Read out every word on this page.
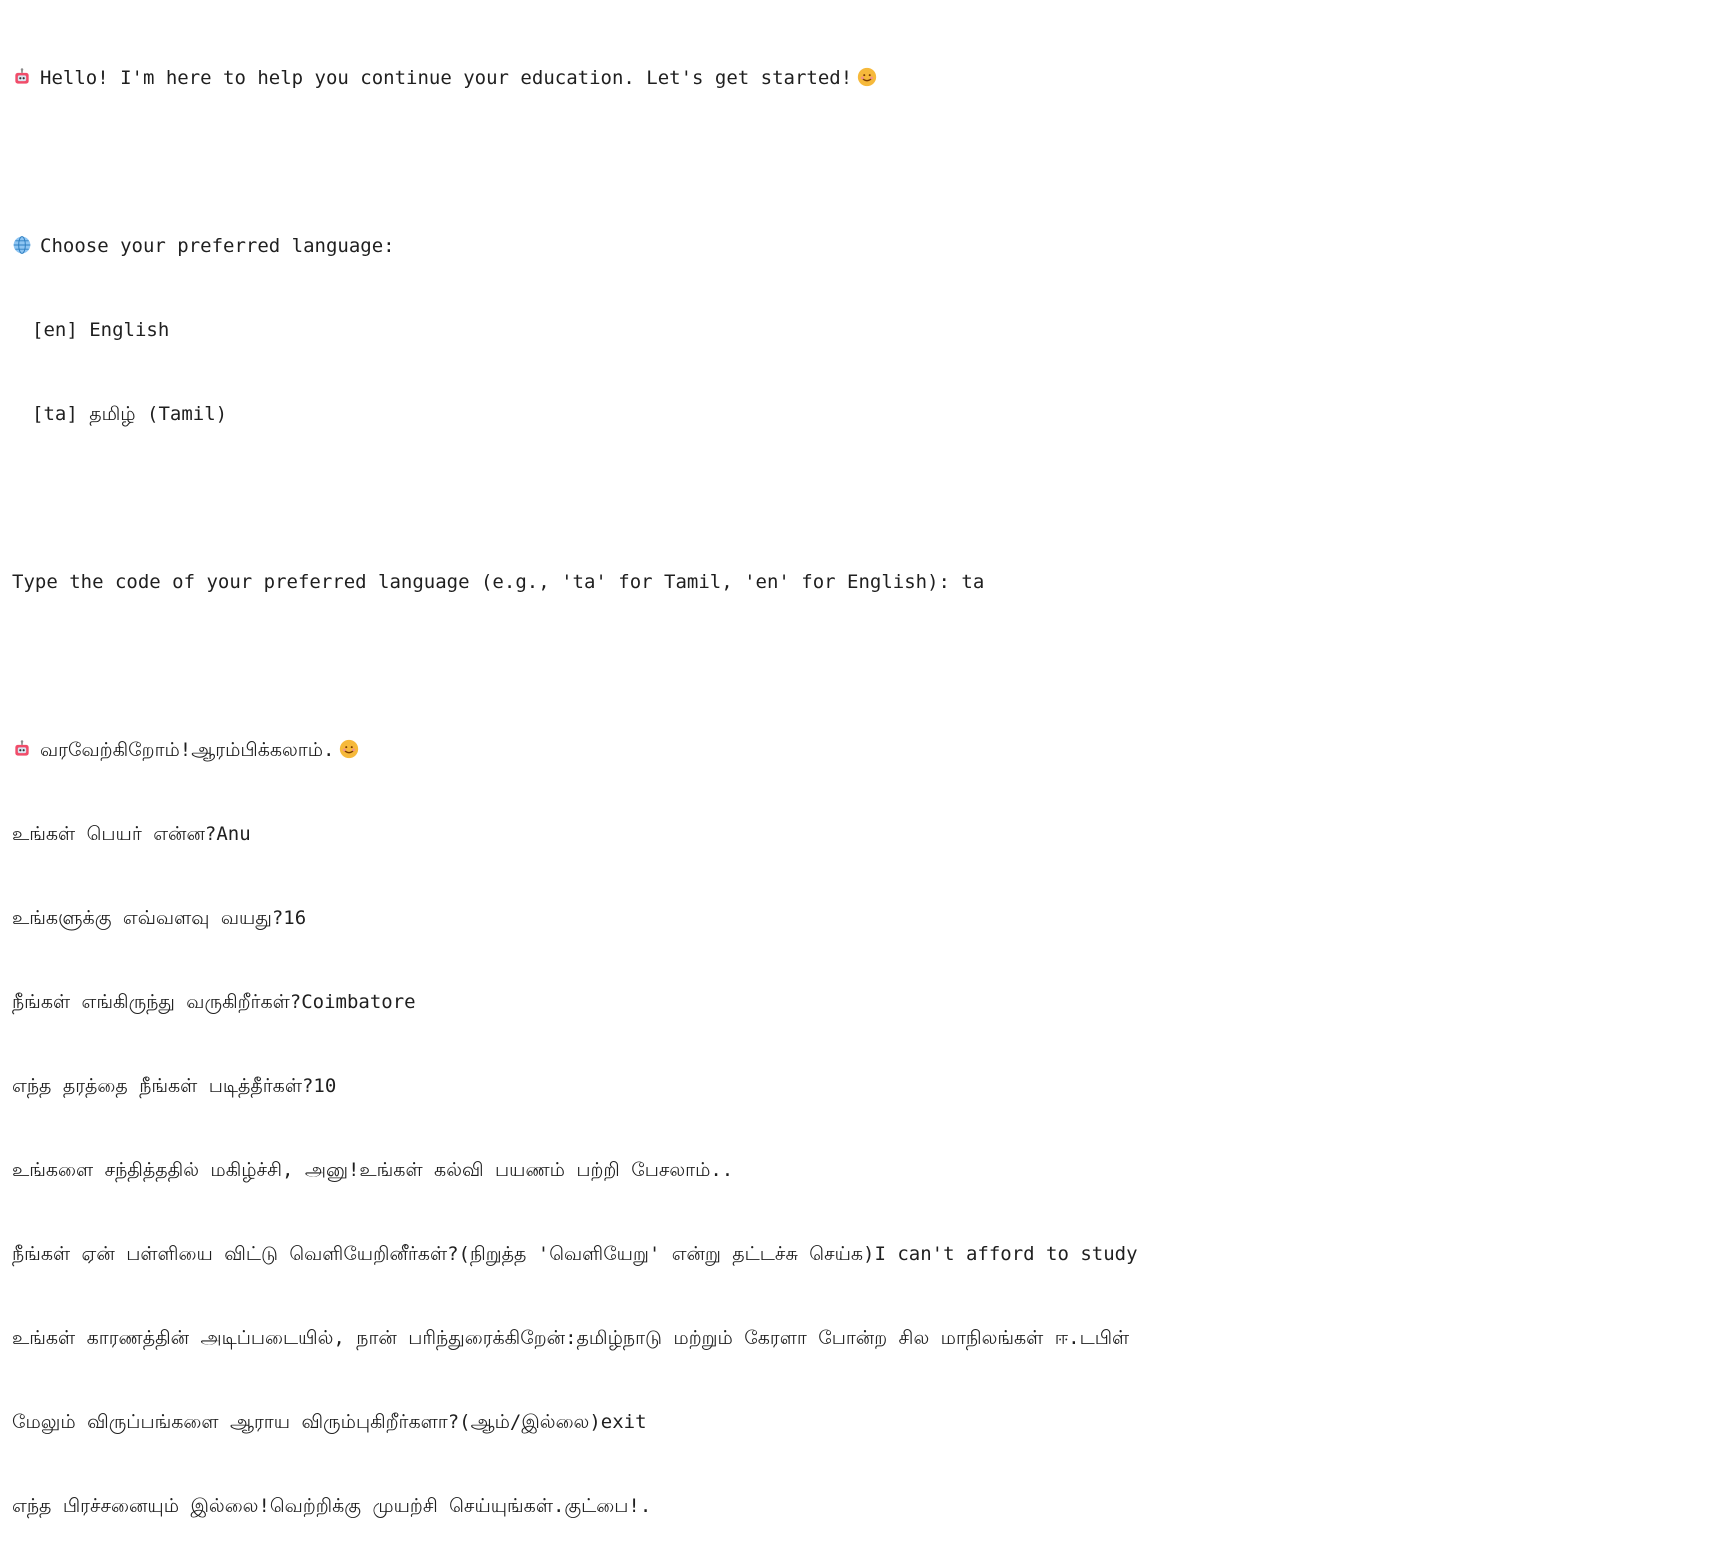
Hello! I'm here to help you continue your education. Let's get started!

Choose your preferred language:

[en] English

[ta] தமிழ் (Tamil)

Type the code of your preferred language (e.g., 'ta' for Tamil, 'en' for English): ta

வரவேற்கிறோம்!ஆரம்பிக்கலாம்.

உங்கள் பெயர் என்ன?Anu

உங்களுக்கு எவ்வளவு வயது?16

நீங்கள் எங்கிருந்து வருகிறீர்கள்?Coimbatore

எந்த தரத்தை நீங்கள் படித்தீர்கள்?10

உங்களை சந்தித்ததில் மகிழ்ச்சி, அனு!உங்கள் கல்வி பயணம் பற்றி பேசலாம்..

நீங்கள் ஏன் பள்ளியை விட்டு வெளியேறினீர்கள்?(நிறுத்த 'வெளியேறு' என்று தட்டச்சு செய்க)I can't afford to study

உங்கள் காரணத்தின் அடிப்படையில், நான் பரிந்துரைக்கிறேன்:தமிழ்நாடு மற்றும் கேரளா போன்ற சில மாநிலங்கள் ஈ.டபிள்

மேலும் விருப்பங்களை ஆராய விரும்புகிறீர்களா?(ஆம்/இல்லை)exit

எந்த பிரச்சனையும் இல்லை!வெற்றிக்கு முயற்சி செய்யுங்கள்.குட்பை!.
